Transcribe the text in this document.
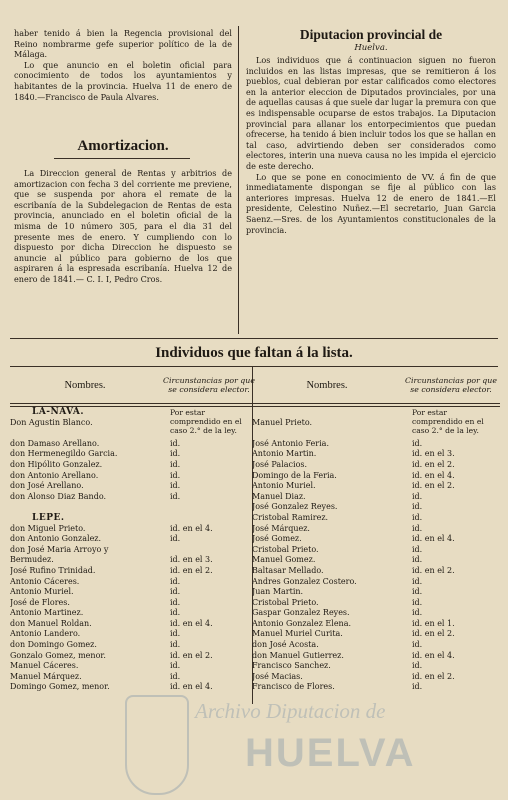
haber tenido á bien la Regencia provisional del Reino nombrarme gefe superior político de la de Málaga.

Lo que anuncio en el boletin oficial para conocimiento de todos los ayuntamientos y habitantes de la provincia. Huelva 11 de enero de 1840.—Francisco de Paula Alvares.

Amortizacion.

La Direccion general de Rentas y arbitrios de amortizacion con fecha 3 del corriente me previene, que se suspenda por ahora el remate de la escribanía de la Subdelegacion de Rentas de esta provincia, anunciado en el boletin oficial de la misma de 10 número 305, para el dia 31 del presente mes de enero. Y cumpliendo con lo dispuesto por dicha Direccion he dispuesto se anuncie al público para gobierno de los que aspiraren á la espresada escribanía. Huelva 12 de enero de 1841.— C. I. I, Pedro Cros.

Diputacion provincial de
Huelva.

Los individuos que á continuacion siguen no fueron incluidos en las listas impresas, que se remitieron á los pueblos, cual debieran por estar calificados como electores en la anterior eleccion de Diputados provinciales, por una de aquellas causas á que suele dar lugar la premura con que es indispensable ocuparse de estos trabajos. La Diputacion provincial para allanar los entorpecimientos que puedan ofrecerse, ha tenido á bien incluir todos los que se hallan en tal caso, advirtiendo deben ser considerados como electores, interin una nueva causa no les impida el ejercicio de este derecho.

Lo que se pone en conocimiento de VV. á fin de que inmediatamente dispongan se fije al público con las anteriores impresas. Huelva 12 de enero de 1841.—El presidente, Celestino Nuñez.—El secretario, Juan Garcia Saenz.—Sres. de los Ayuntamientos constitucionales de la provincia.

Individuos que faltan á la lista.
Nombres.	Circunstancias por que se considera elector.
LA-NAVA.
Don Agustin Blanco.
Por estar comprendido en el caso 2.° de la ley.
don Damaso Arellano.	id.
don Hermenegildo Garcia.	id.
don Hipólito Gonzalez.	id.
don Antonio Arellano.	id.
don José Arellano.	id.
don Alonso Diaz Bando.	id.
LEPE.
don Miguel Prieto.	id. en el 4.
don Antonio Gonzalez.	id.
don José Maria Arroyo y
Bermudez.	id. en el 3.
José Rufino Trinidad.	id. en el 2.
Antonio Cáceres.	id.
Antonio Muriel.	id.
José de Flores.	id.
Antonio Martinez.	id.
don Manuel Roldan.	id. en el 4.
Antonio Landero.	id.
don Domingo Gomez.	id.
Gonzalo Gomez, menor.	id. en el 2.
Manuel Cáceres.	id.
Manuel Márquez.	id.
Domingo Gomez, menor.	id. en el 4.
Nombres.	Circunstancias por que se considera elector.
Manuel Prieto.
Por estar comprendido en el caso 2.° de la ley.
José Antonio Feria.	id.
Antonio Martin.	id. en el 3.
José Palacios.	id. en el 2.
Domingo de la Feria.	id. en el 4.
Antonio Muriel.	id. en el 2.
Manuel Diaz.	id.
José Gonzalez Reyes.	id.
Cristobal Ramirez.	id.
José Márquez.	id.
José Gomez.	id. en el 4.
Cristobal Prieto.	id.
Manuel Gomez.	id.
Baltasar Mellado.	id. en el 2.
Andres Gonzalez Costero.	id.
Juan Martin.	id.
Cristobal Prieto.	id.
Gaspar Gonzalez Reyes.	id.
Antonio Gonzalez Elena.	id. en el 1.
Manuel Muriel Curita.	id. en el 2.
don José Acosta.	id.
don Manuel Gutierrez.	id. en el 4.
Francisco Sanchez.	id.
José Macias.	id. en el 2.
Francisco de Flores.	id.
Archivo Diputacion de
HUELVA
